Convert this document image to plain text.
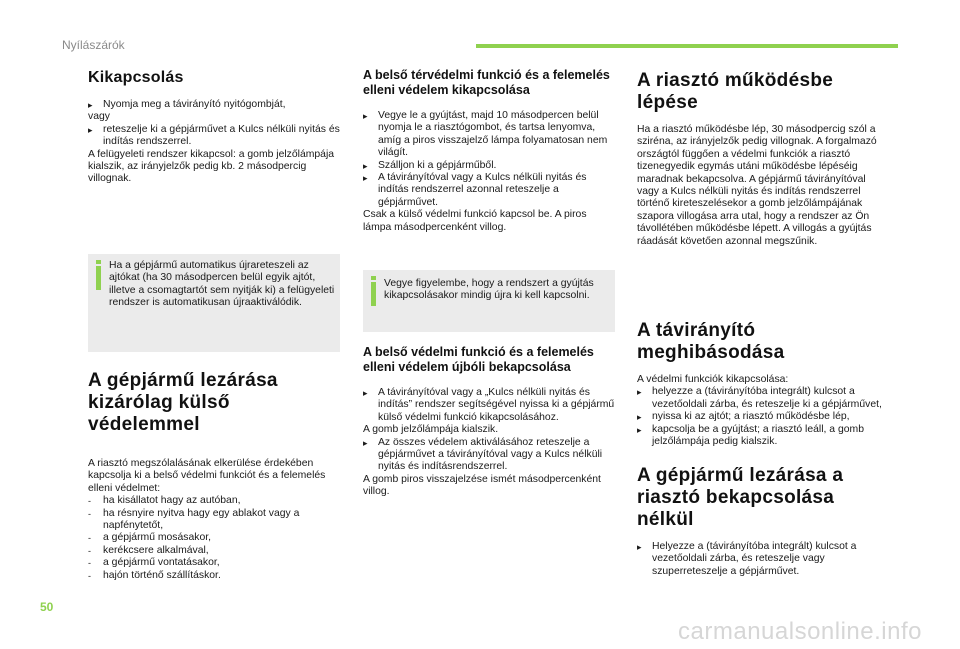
Nyílászárók
Kikapcsolás
▸	Nyomja meg a távirányító nyitógombját,

vagy

▸	reteszelje ki a gépjárművet a Kulcs nélküli nyitás és indítás rendszerrel.

A felügyeleti rendszer kikapcsol: a gomb jelzőlámpája kialszik, az irányjelzők pedig kb. 2 másodpercig villognak.

Ha a gépjármű automatikus újrareteszeli az ajtókat (ha 30 másodpercen belül egyik ajtót, illetve a csomagtartót sem nyitják ki) a felügyeleti rendszer is automatikusan újraaktiválódik.
A gépjármű lezárása kizárólag külső védelemmel

A riasztó megszólalásának elkerülése érdekében kapcsolja ki a belső védelmi funkciót és a felemelés elleni védelmet:

-	ha kisállatot hagy az autóban,
-	ha résnyire nyitva hagy egy ablakot vagy a napfénytetőt,
-	a gépjármű mosásakor,
-	kerékcsere alkalmával,
-	a gépjármű vontatásakor,
-	hajón történő szállításkor.
A belső térvédelmi funkció és a felemelés elleni védelem kikapcsolása
▸	Vegye le a gyújtást, majd 10 másodpercen belül nyomja le a riasztógombot, és tartsa lenyomva, amíg a piros visszajelző lámpa folyamatosan nem világít.
▸	Szálljon ki a gépjárműből.
▸	A távirányítóval vagy a Kulcs nélküli nyitás és indítás rendszerrel azonnal reteszelje a gépjárművet.

Csak a külső védelmi funkció kapcsol be. A piros lámpa másodpercenként villog.

Vegye figyelembe, hogy a rendszert a gyújtás kikapcsolásakor mindig újra ki kell kapcsolni.
A belső védelmi funkció és a felemelés elleni védelem újbóli bekapcsolása
▸	A távirányítóval vagy a „Kulcs nélküli nyitás és indítás” rendszer segítségével nyissa ki a gépjármű külső védelmi funkció kikapcsolásához.

A gomb jelzőlámpája kialszik.

▸	Az összes védelem aktiválásához reteszelje a gépjárművet a távirányítóval vagy a Kulcs nélküli nyitás és indításrendszerrel.

A gomb piros visszajelzése ismét másodpercenként villog.

A riasztó működésbe lépése

Ha a riasztó működésbe lép, 30 másodpercig szól a sziréna, az irányjelzők pedig villognak. A forgalmazó országtól függően a védelmi funkciók a riasztó tizenegyedik egymás utáni működésbe lépéséig maradnak bekapcsolva. A gépjármű távirányítóval vagy a Kulcs nélküli nyitás és indítás rendszerrel történő kireteszelésekor a gomb jelzőlámpájának szapora villogása arra utal, hogy a rendszer az Ön távollétében működésbe lépett. A villogás a gyújtás ráadását követően azonnal megszűnik.

A távirányító meghibásodása

A védelmi funkciók kikapcsolása:

▸	helyezze a (távirányítóba integrált) kulcsot a vezetőoldali zárba, és reteszelje ki a gépjárművet,
▸	nyissa ki az ajtót; a riasztó működésbe lép,
▸	kapcsolja be a gyújtást; a riasztó leáll, a gomb jelzőlámpája pedig kialszik.
A gépjármű lezárása a riasztó bekapcsolása nélkül
▸	Helyezze a (távirányítóba integrált) kulcsot a vezetőoldali zárba, és reteszelje vagy szuperreteszelje a gépjárművet.
50
carmanualsonline.info
